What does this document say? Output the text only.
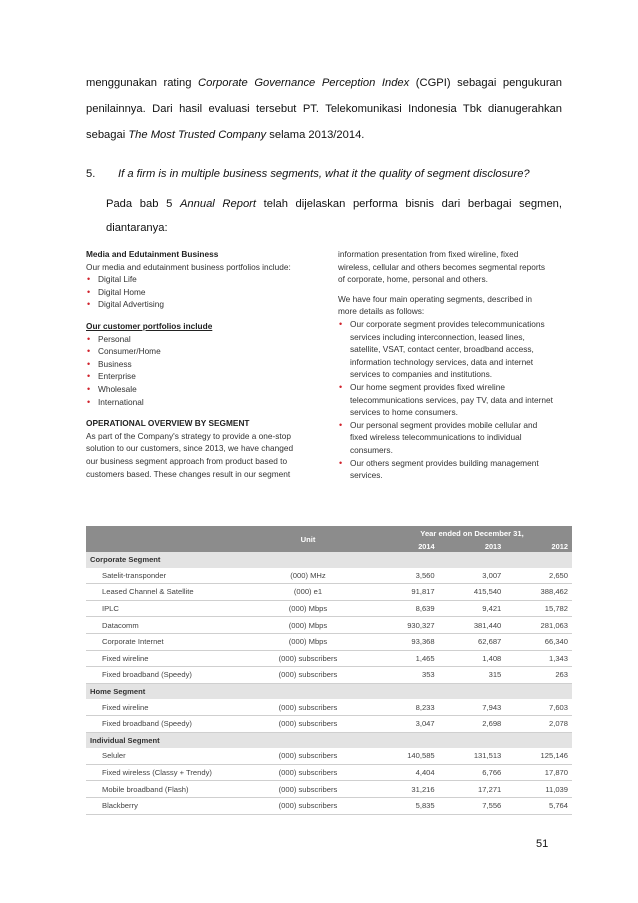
menggunakan rating Corporate Governance Perception Index (CGPI) sebagai pengukuran
penilainnya. Dari hasil evaluasi tersebut PT. Telekomunikasi Indonesia Tbk dianugerahkan
sebagai The Most Trusted Company selama 2013/2014.
5. If a firm is in multiple business segments, what it the quality of segment disclosure?
Pada bab 5 Annual Report telah dijelaskan performa bisnis dari berbagai segmen,
diantaranya:

Media and Edutainment Business

Our media and edutainment business portfolios include:

• Digital Life
• Digital Home
• Digital Advertising

Our customer portfolios include

• Personal
• Consumer/Home
• Business
• Enterprise
• Wholesale
• International

OPERATIONAL OVERVIEW BY SEGMENT

As part of the Company's strategy to provide a one-stop

solution to our customers, since 2013, we have changed

our business segment approach from product based to

customers based. These changes result in our segment

information presentation from fixed wireline, fixed

wireless, cellular and others becomes segmental reports

of corporate, home, personal and others.

We have four main operating segments, described in

more details as follows:

• Our corporate segment provides telecommunications
services including interconnection, leased lines,
satellite, VSAT, contact center, broadband access,
information technology services, data and internet
services to companies and institutions.
• Our home segment provides fixed wireline
telecommunications services, pay TV, data and internet
services to home consumers.
• Our personal segment provides mobile cellular and
fixed wireless telecommunications to individual
consumers.
• Our others segment provides building management
services.
	Unit	Year ended on December 31,		
		2014	2013	2012
Corporate Segment				
Satelit-transponder	(000) MHz	3,560	3,007	2,650
Leased Channel & Satellite	(000) e1	91,817	415,540	388,462
IPLC	(000) Mbps	8,639	9,421	15,782
Datacomm	(000) Mbps	930,327	381,440	281,063
Corporate Internet	(000) Mbps	93,368	62,687	66,340
Fixed wireline	(000) subscribers	1,465	1,408	1,343
Fixed broadband (Speedy)	(000) subscribers	353	315	263
Home Segment				
Fixed wireline	(000) subscribers	8,233	7,943	7,603
Fixed broadband (Speedy)	(000) subscribers	3,047	2,698	2,078
Individual Segment				
Seluler	(000) subscribers	140,585	131,513	125,146
Fixed wireless (Classy + Trendy)	(000) subscribers	4,404	6,766	17,870
Mobile broadband (Flash)	(000) subscribers	31,216	17,271	11,039
Blackberry	(000) subscribers	5,835	7,556	5,764
51
